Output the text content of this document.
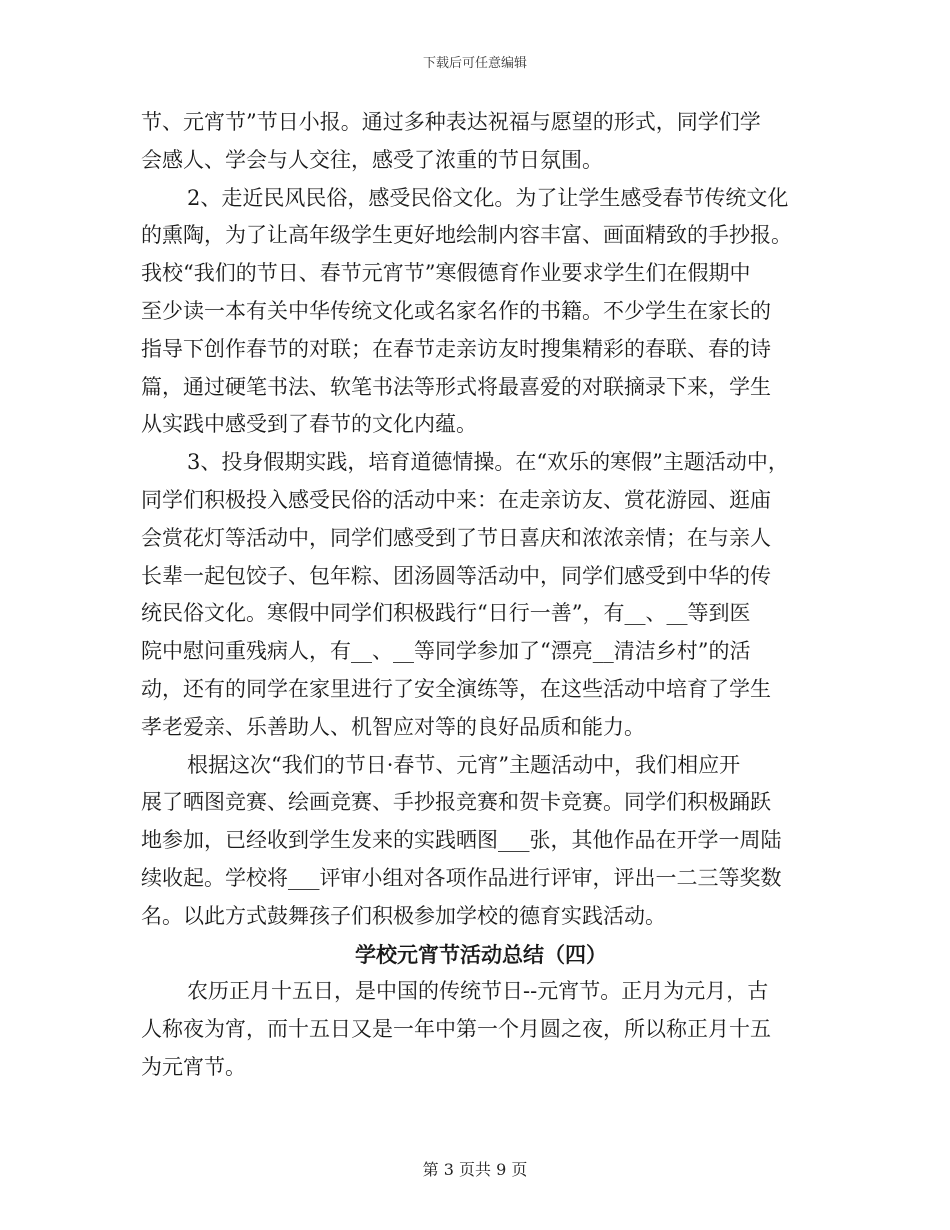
下载后可任意编辑
节、元宵节”节日小报。通过多种表达祝福与愿望的形式，同学们学
会感人、学会与人交往，感受了浓重的节日氛围。
2、走近民风民俗，感受民俗文化。为了让学生感受春节传统文化
的熏陶，为了让高年级学生更好地绘制内容丰富、画面精致的手抄报。
我校“我们的节日、春节元宵节”寒假德育作业要求学生们在假期中
至少读一本有关中华传统文化或名家名作的书籍。不少学生在家长的
指导下创作春节的对联；在春节走亲访友时搜集精彩的春联、春的诗
篇，通过硬笔书法、软笔书法等形式将最喜爱的对联摘录下来，学生
从实践中感受到了春节的文化内蕴。
3、投身假期实践，培育道德情操。在“欢乐的寒假”主题活动中，
同学们积极投入感受民俗的活动中来：在走亲访友、赏花游园、逛庙
会赏花灯等活动中，同学们感受到了节日喜庆和浓浓亲情；在与亲人
长辈一起包饺子、包年粽、团汤圆等活动中，同学们感受到中华的传
统民俗文化。寒假中同学们积极践行“日行一善”，有__、__等到医
院中慰问重残病人，有__、__等同学参加了“漂亮__清洁乡村”的活
动，还有的同学在家里进行了安全演练等，在这些活动中培育了学生
孝老爱亲、乐善助人、机智应对等的良好品质和能力。
根据这次“我们的节日·春节、元宵”主题活动中，我们相应开
展了晒图竞赛、绘画竞赛、手抄报竞赛和贺卡竞赛。同学们积极踊跃
地参加，已经收到学生发来的实践晒图___张，其他作品在开学一周陆
续收起。学校将___评审小组对各项作品进行评审，评出一二三等奖数
名。以此方式鼓舞孩子们积极参加学校的德育实践活动。
学校元宵节活动总结（四）
农历正月十五日，是中国的传统节日--元宵节。正月为元月，古
人称夜为宵，而十五日又是一年中第一个月圆之夜，所以称正月十五
为元宵节。
第 3 页共 9 页
